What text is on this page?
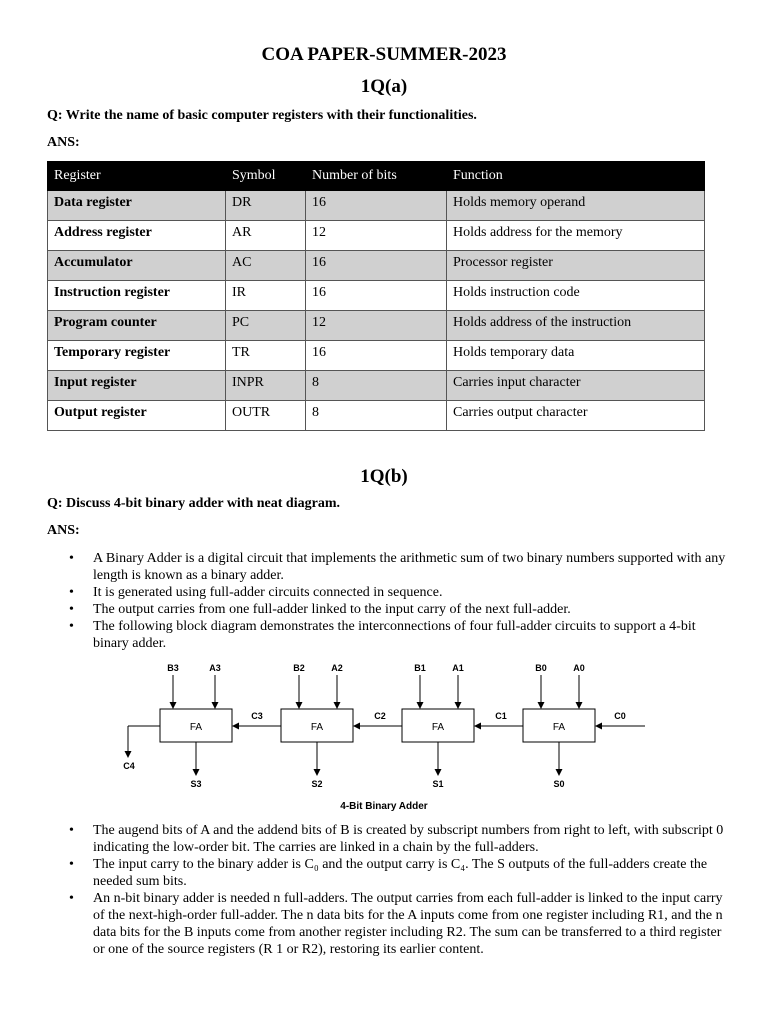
COA PAPER-SUMMER-2023
1Q(a)
Q: Write the name of basic computer registers with their functionalities.
ANS:
Register	Symbol	Number of bits	Function
Data register	DR	16	Holds memory operand
Address register	AR	12	Holds address for the memory
Accumulator	AC	16	Processor register
Instruction register	IR	16	Holds instruction code
Program counter	PC	12	Holds address of the instruction
Temporary register	TR	16	Holds temporary data
Input register	INPR	8	Carries input character
Output register	OUTR	8	Carries output character
1Q(b)
Q: Discuss 4-bit binary adder with neat diagram.
ANS:
• A Binary Adder is a digital circuit that implements the arithmetic sum of two binary numbers supported with any length is known as a binary adder.
• It is generated using full-adder circuits connected in sequence.
• The output carries from one full-adder linked to the input carry of the next full-adder.
• The following block diagram demonstrates the interconnections of four full-adder circuits to support a 4-bit binary adder.
FA	FA	FA	FA
B3	A3	B2	A2	B1	A1	B0	A0
C3	C2	C1	C0
C4
S3	S2	S1	S0
4-Bit Binary Adder
• The augend bits of A and the addend bits of B is created by subscript numbers from right to left, with subscript 0 indicating the low-order bit. The carries are linked in a chain by the full-adders.
• The input carry to the binary adder is C₀ and the output carry is C₄. The S outputs of the full-adders create the needed sum bits.
• An n-bit binary adder is needed n full-adders. The output carries from each full-adder is linked to the input carry of the next-high-order full-adder. The n data bits for the A inputs come from one register including R1, and the n data bits for the B inputs come from another register including R2. The sum can be transferred to a third register or one of the source registers (R 1 or R2), restoring its earlier content.
